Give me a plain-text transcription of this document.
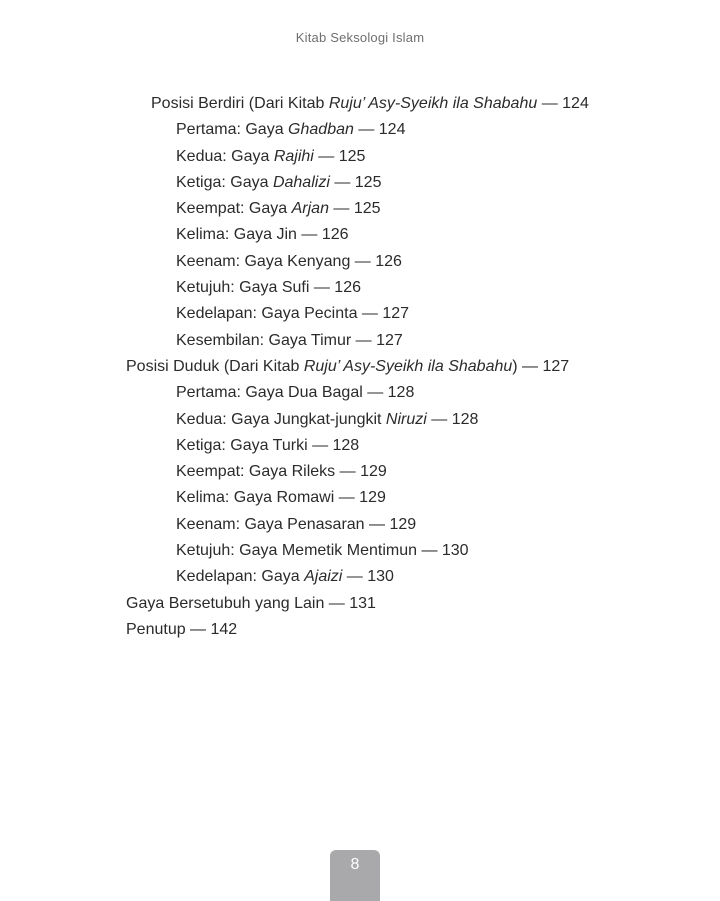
Kitab Seksologi Islam
Posisi Berdiri (Dari Kitab Ruju’ Asy-Syeikh ila Shabahu — 124
Pertama: Gaya Ghadban — 124
Kedua: Gaya Rajihi — 125
Ketiga: Gaya Dahalizi — 125
Keempat: Gaya Arjan — 125
Kelima: Gaya Jin — 126
Keenam: Gaya Kenyang — 126
Ketujuh: Gaya Sufi — 126
Kedelapan: Gaya Pecinta — 127
Kesembilan: Gaya Timur — 127
Posisi Duduk (Dari Kitab Ruju’ Asy-Syeikh ila Shabahu) — 127
Pertama: Gaya Dua Bagal — 128
Kedua: Gaya Jungkat-jungkit Niruzi — 128
Ketiga: Gaya Turki — 128
Keempat: Gaya Rileks — 129
Kelima: Gaya Romawi — 129
Keenam: Gaya Penasaran — 129
Ketujuh: Gaya Memetik Mentimun — 130
Kedelapan: Gaya Ajaizi — 130
Gaya Bersetubuh yang Lain — 131
Penutup — 142
8
